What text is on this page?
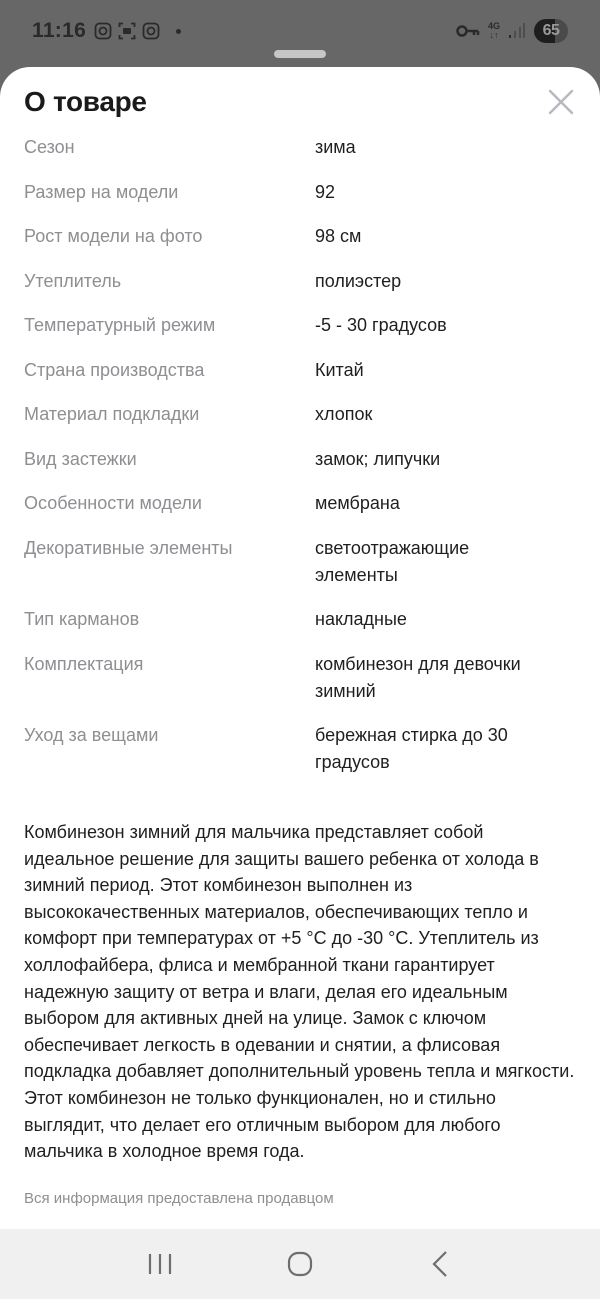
11:16	4G
↓↑	65
О товаре
Сезон	зима
Размер на модели	92
Рост модели на фото	98 см
Утеплитель	полиэстер
Температурный режим	-5 - 30 градусов
Страна производства	Китай
Материал подкладки	хлопок
Вид застежки	замок; липучки
Особенности модели	мембрана
Декоративные элементы	светоотражающие элементы
Тип карманов	накладные
Комплектация	комбинезон для девочки зимний
Уход за вещами	бережная стирка до 30 градусов

Комбинезон зимний для мальчика представляет собой идеальное решение для защиты вашего ребенка от холода в зимний период. Этот комбинезон выполнен из высококачественных материалов, обеспечивающих тепло и комфорт при температурах от +5 °C до -30 °C. Утеплитель из холлофайбера, флиса и мембранной ткани гарантирует надежную защиту от ветра и влаги, делая его идеальным выбором для активных дней на улице. Замок с ключом обеспечивает легкость в одевании и снятии, а флисовая подкладка добавляет дополнительный уровень тепла и мягкости. Этот комбинезон не только функционален, но и стильно выглядит, что делает его отличным выбором для любого мальчика в холодное время года.

Вся информация предоставлена продавцом
